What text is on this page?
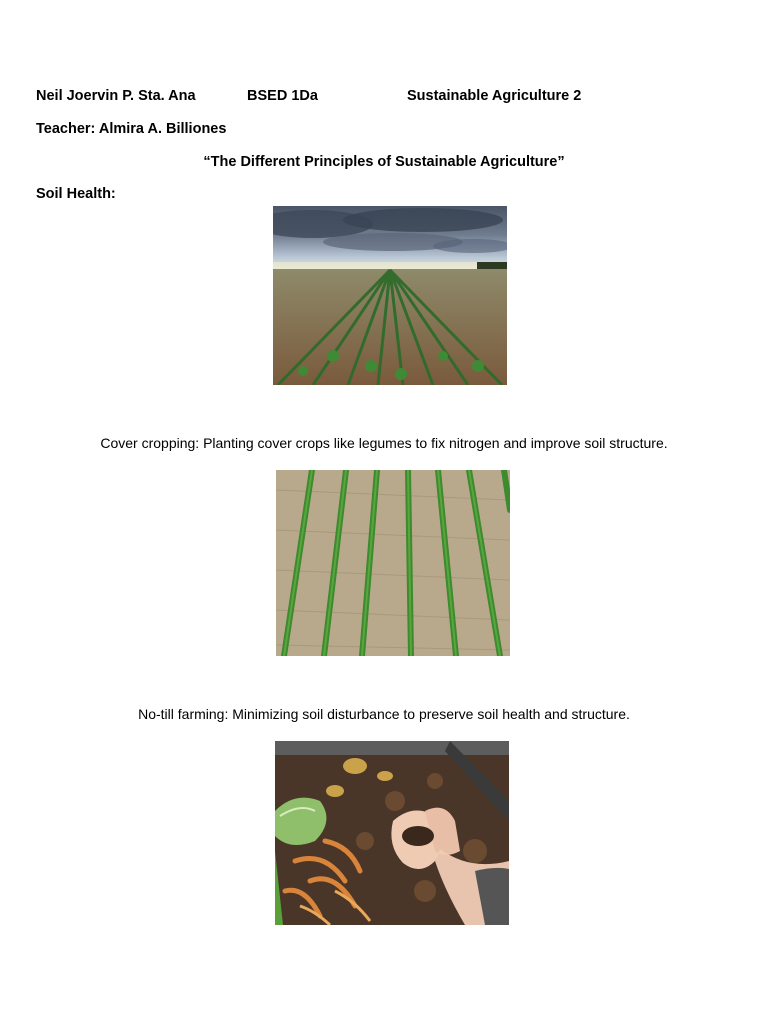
Neil Joervin P. Sta. Ana	BSED 1Da	Sustainable Agriculture 2
Teacher: Almira A. Billiones
“The Different Principles of Sustainable Agriculture”
Soil Health:
Cover cropping: Planting cover crops like legumes to fix nitrogen and improve soil structure.
No-till farming: Minimizing soil disturbance to preserve soil health and structure.
